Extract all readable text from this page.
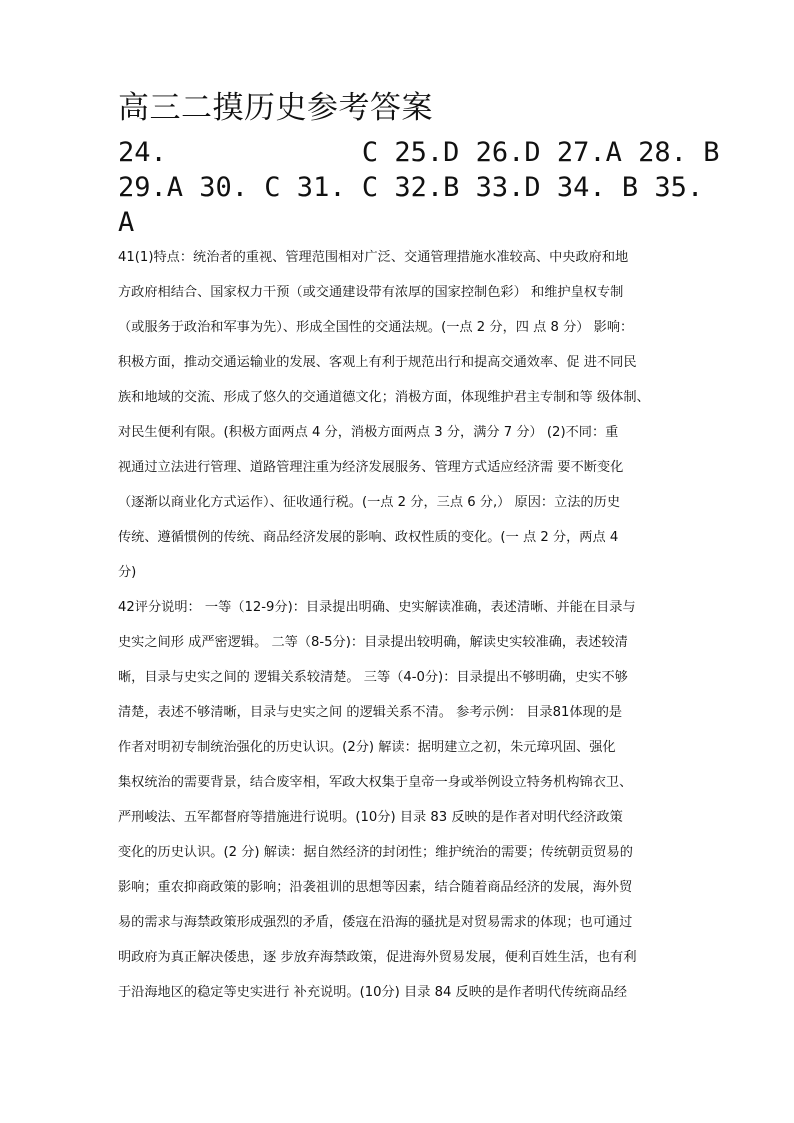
高三二摸历史参考答案
24.            C 25.D 26.D 27.A 28. B
29.A 30. C 31. C 32.B 33.D 34. B 35.
A
41(1)特点：统治者的重视、管理范围相对广泛、交通管理措施水准较高、中央政府和地
方政府相结合、国家权力干预（或交通建设带有浓厚的国家控制色彩） 和维护皇权专制
（或服务于政治和军事为先）、形成全国性的交通法规。(一点 2 分，四 点 8 分） 影响：
积极方面，推动交通运输业的发展、客观上有利于规范出行和提高交通效率、促 进不同民
族和地域的交流、形成了悠久的交通道德文化；消极方面，体现维护君主专制和等 级体制、
对民生便利有限。(积极方面两点 4 分，消极方面两点 3 分，满分 7 分） (2)不同：重
视通过立法进行管理、道路管理注重为经济发展服务、管理方式适应经济需 要不断变化
（逐渐以商业化方式运作）、征收通行税。(一点 2 分，三点 6 分,） 原因：立法的历史
传统、遵循惯例的传统、商品经济发展的影响、政权性质的变化。(一 点 2 分，两点 4
分)
42评分说明： 一等（12-9分)：目录提出明确、史实解读准确，表述清晰、并能在目录与
史实之间形 成严密逻辑。 二等（8-5分)：目录提出较明确，解读史实较准确，表述较清
晰，目录与史实之间的 逻辑关系较清楚。 三等（4-0分)：目录提出不够明确，史实不够
清楚，表述不够清晰，目录与史实之间 的逻辑关系不清。 参考示例： 目录81体现的是
作者对明初专制统治强化的历史认识。(2分) 解读：据明建立之初，朱元璋巩固、强化
集权统治的需要背景，结合废宰相，军政大权集于皇帝一身或举例设立特务机构锦衣卫、
严刑峻法、五军都督府等措施进行说明。(10分) 目录 83 反映的是作者对明代经济政策
变化的历史认识。(2 分) 解读：据自然经济的封闭性；维护统治的需要；传统朝贡贸易的
影响；重农抑商政策的影响；沿袭祖训的思想等因素，结合随着商品经济的发展，海外贸
易的需求与海禁政策形成强烈的矛盾，倭寇在沿海的骚扰是对贸易需求的体现；也可通过
明政府为真正解决倭患，逐 步放弃海禁政策，促进海外贸易发展，便利百姓生活，也有利
于沿海地区的稳定等史实进行 补充说明。(10分) 目录 84 反映的是作者明代传统商品经
